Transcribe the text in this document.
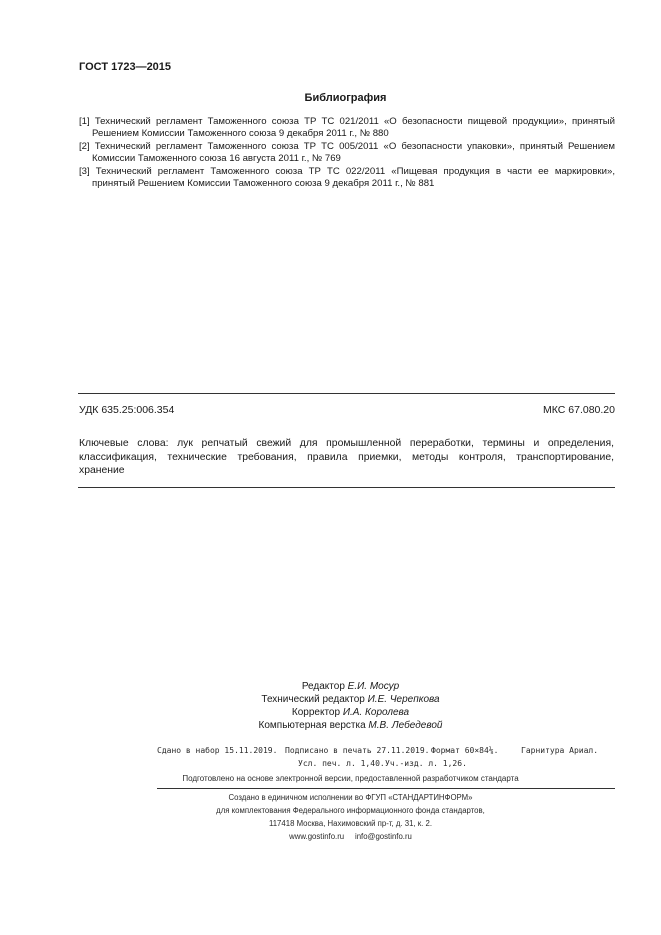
ГОСТ 1723—2015
Библиография
[1] Технический регламент Таможенного союза ТР ТС 021/2011 «О безопасности пищевой продукции», принятый Решением Комиссии Таможенного союза 9 декабря 2011 г., № 880
[2] Технический регламент Таможенного союза ТР ТС 005/2011 «О безопасности упаковки», принятый Решением Комиссии Таможенного союза 16 августа 2011 г., № 769
[3] Технический регламент Таможенного союза ТР ТС 022/2011 «Пищевая продукция в части ее маркировки», принятый Решением Комиссии Таможенного союза 9 декабря 2011 г., № 881
УДК 635.25:006.354	МКС 67.080.20
Ключевые слова: лук репчатый свежий для промышленной переработки, термины и определения, классификация, технические требования, правила приемки, методы контроля, транспортирование, хранение
Редактор Е.И. Мосур
Технический редактор И.Е. Черепкова
Корректор И.А. Королева
Компьютерная верстка М.В. Лебедевой
Сдано в набор 15.11.2019. Подписано в печать 27.11.2019. Формат 60×84⅛.	Гарнитура Ариал.
Усл. печ. л. 1,40. Уч.-изд. л. 1,26.
Подготовлено на основе электронной версии, предоставленной разработчиком стандарта
Создано в единичном исполнении во ФГУП «СТАНДАРТИНФОРМ»
для комплектования Федерального информационного фонда стандартов,
117418 Москва, Нахимовский пр-т, д. 31, к. 2.
www.gostinfo.ru info@gostinfo.ru
